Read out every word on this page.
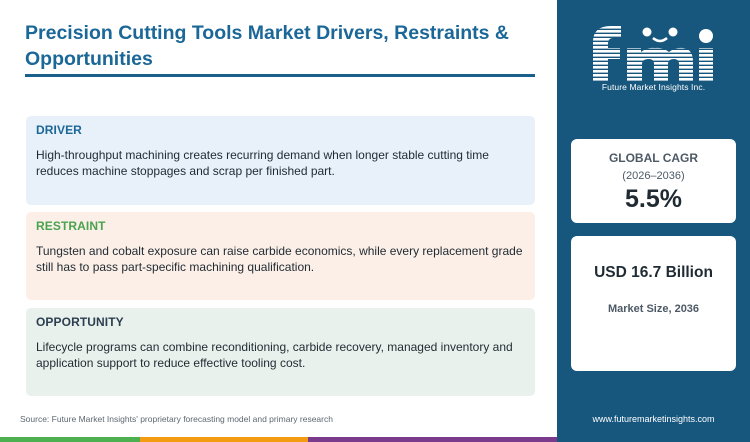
Precision Cutting Tools Market Drivers, Restraints & Opportunities
DRIVER
High-throughput machining creates recurring demand when longer stable cutting time reduces machine stoppages and scrap per finished part.
RESTRAINT
Tungsten and cobalt exposure can raise carbide economics, while every replacement grade still has to pass part-specific machining qualification.
OPPORTUNITY
Lifecycle programs can combine reconditioning, carbide recovery, managed inventory and application support to reduce effective tooling cost.
Source: Future Market Insights' proprietary forecasting model and primary research
Future Market Insights Inc.
GLOBAL CAGR
(2026–2036)
5.5%
USD 16.7 Billion
Market Size, 2036
www.futuremarketinsights.com
